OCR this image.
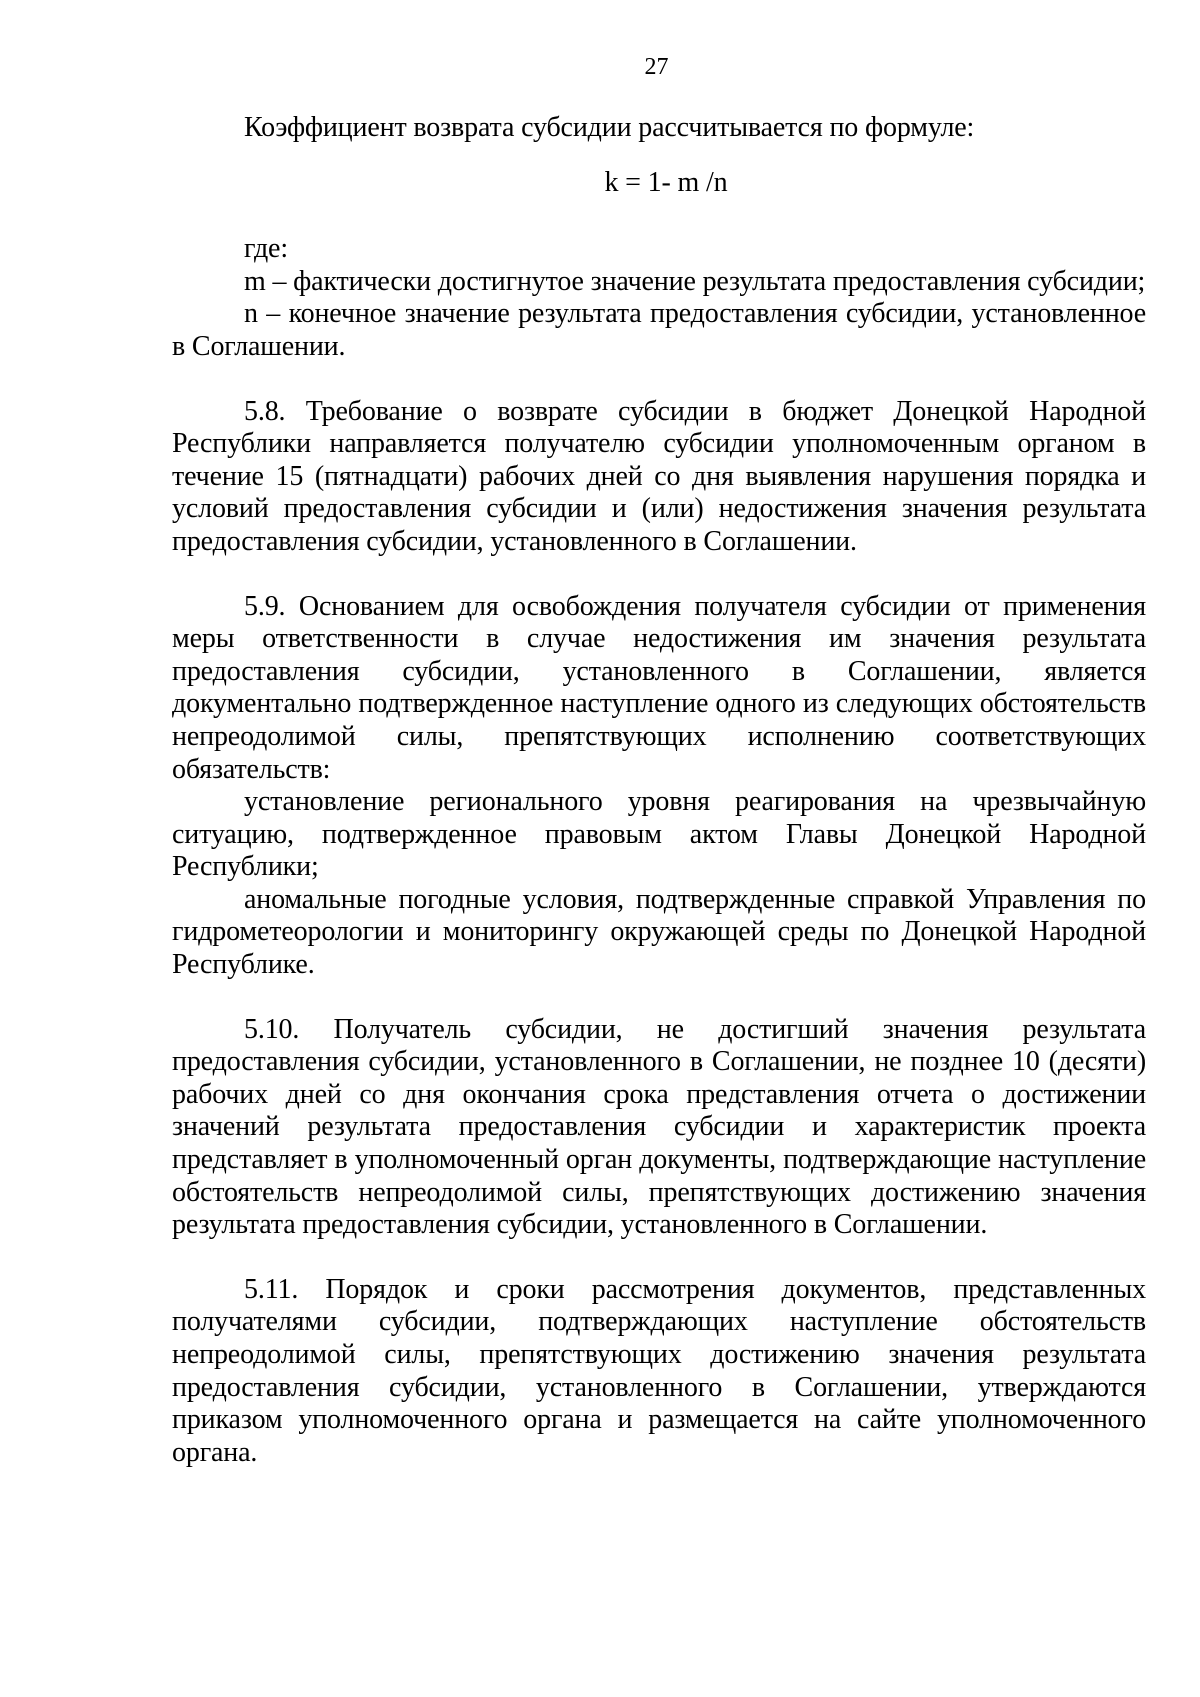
27

Коэффициент возврата субсидии рассчитывается по формуле:

k = 1- m /n

где:

m – фактически достигнутое значение результата предоставления субсидии;

n – конечное значение результата предоставления субсидии, установленное в Соглашении.

5.8. Требование о возврате субсидии в бюджет Донецкой Народной Республики направляется получателю субсидии уполномоченным органом в течение 15 (пятнадцати) рабочих дней со дня выявления нарушения порядка и условий предоставления субсидии и (или) недостижения значения результата предоставления субсидии, установленного в Соглашении.

5.9. Основанием для освобождения получателя субсидии от применения меры ответственности в случае недостижения им значения результата предоставления субсидии, установленного в Соглашении, является документально подтвержденное наступление одного из следующих обстоятельств непреодолимой силы, препятствующих исполнению соответствующих обязательств:

установление регионального уровня реагирования на чрезвычайную ситуацию, подтвержденное правовым актом Главы Донецкой Народной Республики;

аномальные погодные условия, подтвержденные справкой Управления по гидрометеорологии и мониторингу окружающей среды по Донецкой Народной Республике.

5.10. Получатель субсидии, не достигший значения результата предоставления субсидии, установленного в Соглашении, не позднее 10 (десяти) рабочих дней со дня окончания срока представления отчета о достижении значений результата предоставления субсидии и характеристик проекта представляет в уполномоченный орган документы, подтверждающие наступление обстоятельств непреодолимой силы, препятствующих достижению значения результата предоставления субсидии, установленного в Соглашении.

5.11. Порядок и сроки рассмотрения документов, представленных получателями субсидии, подтверждающих наступление обстоятельств непреодолимой силы, препятствующих достижению значения результата предоставления субсидии, установленного в Соглашении, утверждаются приказом уполномоченного органа и размещается на сайте уполномоченного органа.
